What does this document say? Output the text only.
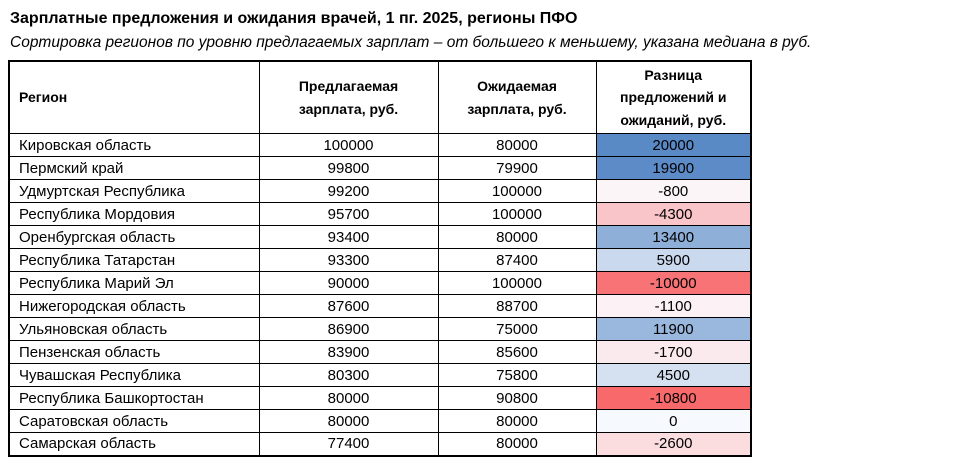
Зарплатные предложения и ожидания врачей, 1 пг. 2025, регионы ПФО
Сортировка регионов по уровню предлагаемых зарплат – от большего к меньшему, указана медиана в руб.
Регион	Предлагаемая зарплата, руб.	Ожидаемая зарплата, руб.	Разница предложений и ожиданий, руб.
Кировская область	100000	80000	20000
Пермский край	99800	79900	19900
Удмуртская Республика	99200	100000	-800
Республика Мордовия	95700	100000	-4300
Оренбургская область	93400	80000	13400
Республика Татарстан	93300	87400	5900
Республика Марий Эл	90000	100000	-10000
Нижегородская область	87600	88700	-1100
Ульяновская область	86900	75000	11900
Пензенская область	83900	85600	-1700
Чувашская Республика	80300	75800	4500
Республика Башкортостан	80000	90800	-10800
Саратовская область	80000	80000	0
Самарская область	77400	80000	-2600
